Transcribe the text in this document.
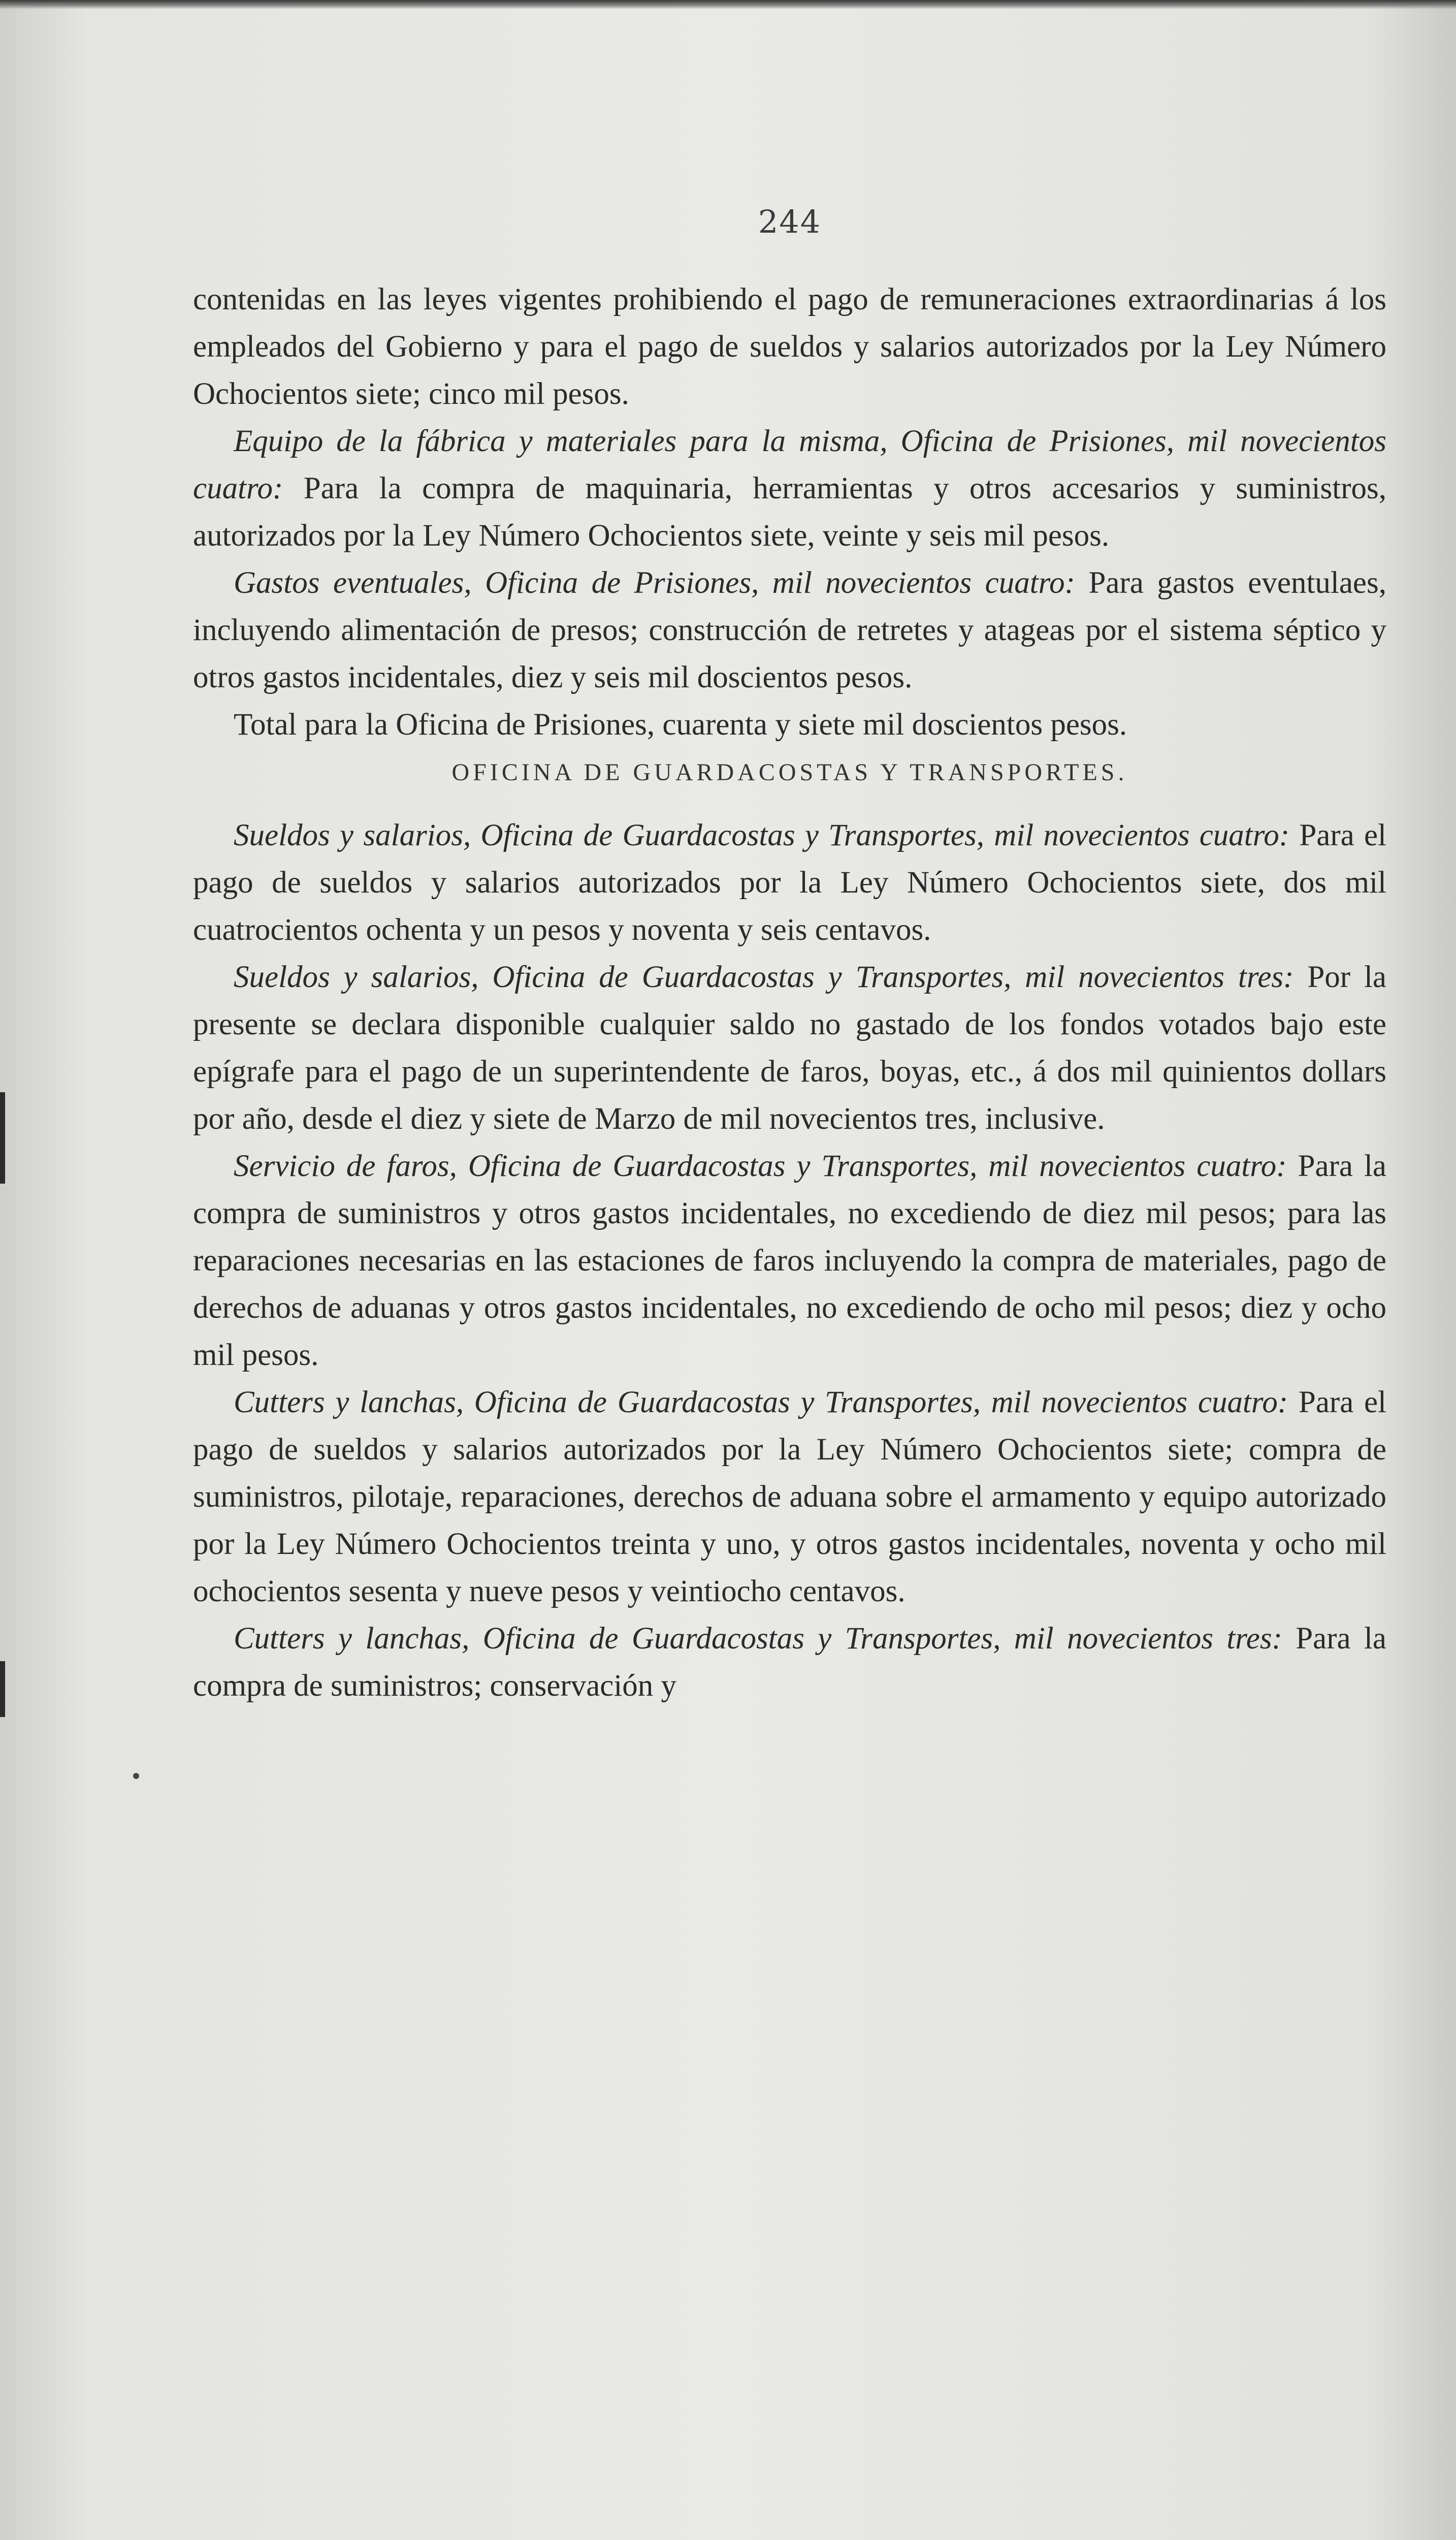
244

contenidas en las leyes vigentes prohibiendo el pago de remuneraciones extraordinarias á los empleados del Gobierno y para el pago de sueldos y salarios autorizados por la Ley Número Ochocientos siete; cinco mil pesos.

Equipo de la fábrica y materiales para la misma, Oficina de Prisiones, mil novecientos cuatro: Para la compra de maquinaria, herramientas y otros accesarios y suministros, autorizados por la Ley Número Ochocientos siete, veinte y seis mil pesos.

Gastos eventuales, Oficina de Prisiones, mil novecientos cuatro: Para gastos eventulaes, incluyendo alimentación de presos; construcción de retretes y atageas por el sistema séptico y otros gastos incidentales, diez y seis mil doscientos pesos.

Total para la Oficina de Prisiones, cuarenta y siete mil doscientos pesos.

OFICINA DE GUARDACOSTAS Y TRANSPORTES.

Sueldos y salarios, Oficina de Guardacostas y Transportes, mil novecientos cuatro: Para el pago de sueldos y salarios autorizados por la Ley Número Ochocientos siete, dos mil cuatrocientos ochenta y un pesos y noventa y seis centavos.

Sueldos y salarios, Oficina de Guardacostas y Transportes, mil novecientos tres: Por la presente se declara disponible cualquier saldo no gastado de los fondos votados bajo este epígrafe para el pago de un superintendente de faros, boyas, etc., á dos mil quinientos dollars por año, desde el diez y siete de Marzo de mil novecientos tres, inclusive.

Servicio de faros, Oficina de Guardacostas y Transportes, mil novecientos cuatro: Para la compra de suministros y otros gastos incidentales, no excediendo de diez mil pesos; para las reparaciones necesarias en las estaciones de faros incluyendo la compra de materiales, pago de derechos de aduanas y otros gastos incidentales, no excediendo de ocho mil pesos; diez y ocho mil pesos.

Cutters y lanchas, Oficina de Guardacostas y Transportes, mil novecientos cuatro: Para el pago de sueldos y salarios autorizados por la Ley Número Ochocientos siete; compra de suministros, pilotaje, reparaciones, derechos de aduana sobre el armamento y equipo autorizado por la Ley Número Ochocientos treinta y uno, y otros gastos incidentales, noventa y ocho mil ochocientos sesenta y nueve pesos y veintiocho centavos.

Cutters y lanchas, Oficina de Guardacostas y Transportes, mil novecientos tres: Para la compra de suministros; conservación y
